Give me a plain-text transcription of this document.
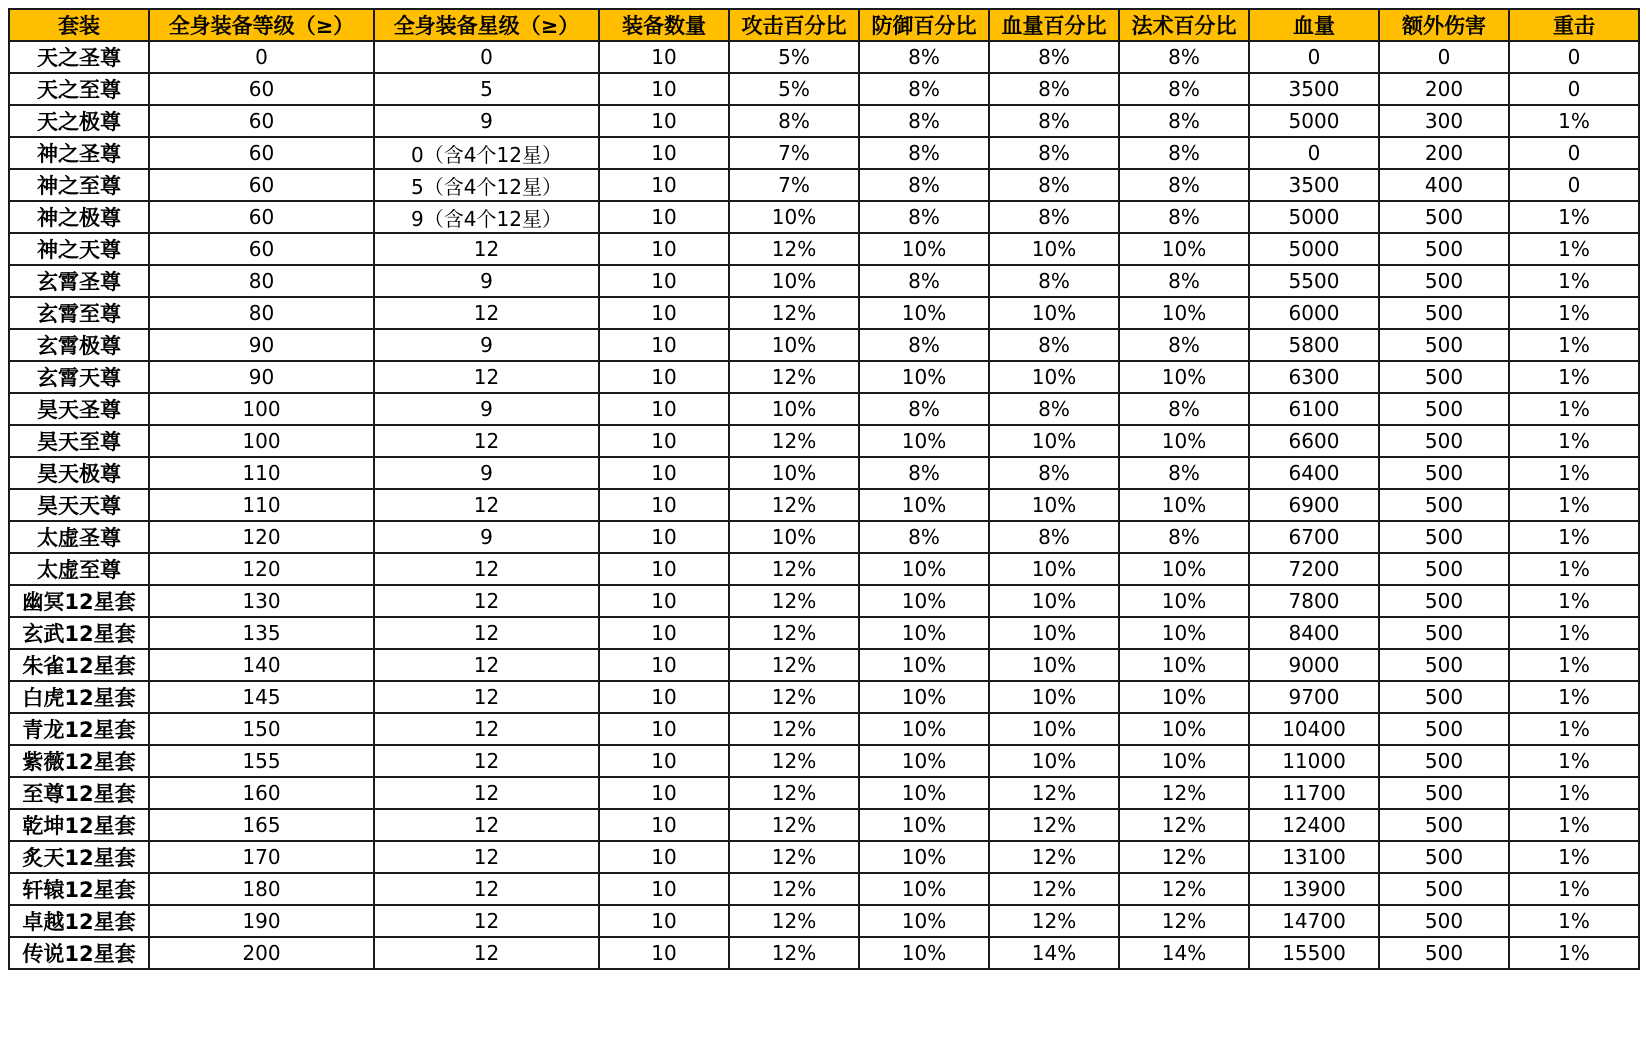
套装	全身装备等级（≥）	全身装备星级（≥）	装备数量	攻击百分比	防御百分比	血量百分比	法术百分比	血量	额外伤害	重击
天之圣尊	0	0	10	5%	8%	8%	8%	0	0	0
天之至尊	60	5	10	5%	8%	8%	8%	3500	200	0
天之极尊	60	9	10	8%	8%	8%	8%	5000	300	1%
神之圣尊	60	0（含4个12星）	10	7%	8%	8%	8%	0	200	0
神之至尊	60	5（含4个12星）	10	7%	8%	8%	8%	3500	400	0
神之极尊	60	9（含4个12星）	10	10%	8%	8%	8%	5000	500	1%
神之天尊	60	12	10	12%	10%	10%	10%	5000	500	1%
玄霄圣尊	80	9	10	10%	8%	8%	8%	5500	500	1%
玄霄至尊	80	12	10	12%	10%	10%	10%	6000	500	1%
玄霄极尊	90	9	10	10%	8%	8%	8%	5800	500	1%
玄霄天尊	90	12	10	12%	10%	10%	10%	6300	500	1%
昊天圣尊	100	9	10	10%	8%	8%	8%	6100	500	1%
昊天至尊	100	12	10	12%	10%	10%	10%	6600	500	1%
昊天极尊	110	9	10	10%	8%	8%	8%	6400	500	1%
昊天天尊	110	12	10	12%	10%	10%	10%	6900	500	1%
太虚圣尊	120	9	10	10%	8%	8%	8%	6700	500	1%
太虚至尊	120	12	10	12%	10%	10%	10%	7200	500	1%
幽冥12星套	130	12	10	12%	10%	10%	10%	7800	500	1%
玄武12星套	135	12	10	12%	10%	10%	10%	8400	500	1%
朱雀12星套	140	12	10	12%	10%	10%	10%	9000	500	1%
白虎12星套	145	12	10	12%	10%	10%	10%	9700	500	1%
青龙12星套	150	12	10	12%	10%	10%	10%	10400	500	1%
紫薇12星套	155	12	10	12%	10%	10%	10%	11000	500	1%
至尊12星套	160	12	10	12%	10%	12%	12%	11700	500	1%
乾坤12星套	165	12	10	12%	10%	12%	12%	12400	500	1%
炙天12星套	170	12	10	12%	10%	12%	12%	13100	500	1%
轩辕12星套	180	12	10	12%	10%	12%	12%	13900	500	1%
卓越12星套	190	12	10	12%	10%	12%	12%	14700	500	1%
传说12星套	200	12	10	12%	10%	14%	14%	15500	500	1%
